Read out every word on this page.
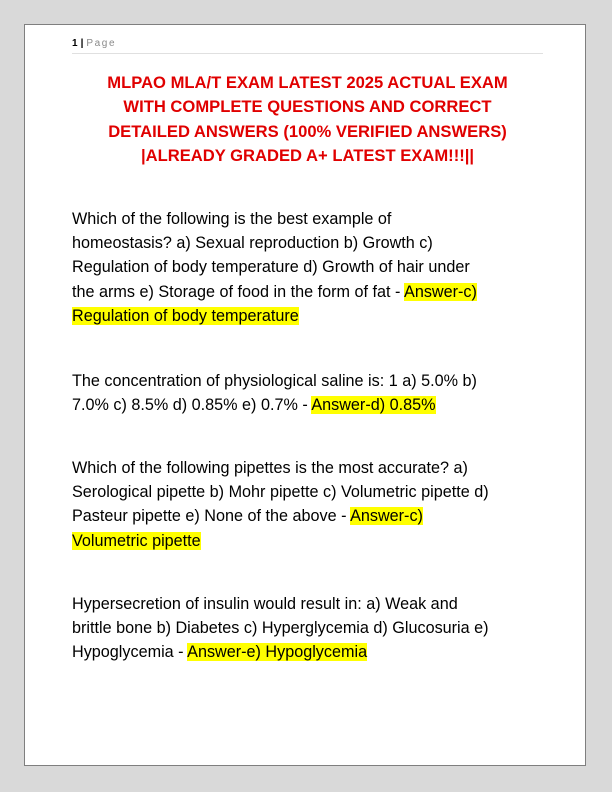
1 | Page
MLPAO MLA/T EXAM LATEST 2025 ACTUAL EXAM
WITH COMPLETE QUESTIONS AND CORRECT
DETAILED ANSWERS (100% VERIFIED ANSWERS)
|ALREADY GRADED A+ LATEST EXAM!!!||

Which of the following is the best example of
homeostasis? a) Sexual reproduction b) Growth c)
Regulation of body temperature d) Growth of hair under
the arms e) Storage of food in the form of fat - Answer-c)
Regulation of body temperature

The concentration of physiological saline is: 1 a) 5.0% b)
7.0% c) 8.5% d) 0.85% e) 0.7% - Answer-d) 0.85%

Which of the following pipettes is the most accurate? a)
Serological pipette b) Mohr pipette c) Volumetric pipette d)
Pasteur pipette e) None of the above - Answer-c)
Volumetric pipette

Hypersecretion of insulin would result in: a) Weak and
brittle bone b) Diabetes c) Hyperglycemia d) Glucosuria e)
Hypoglycemia - Answer-e) Hypoglycemia
